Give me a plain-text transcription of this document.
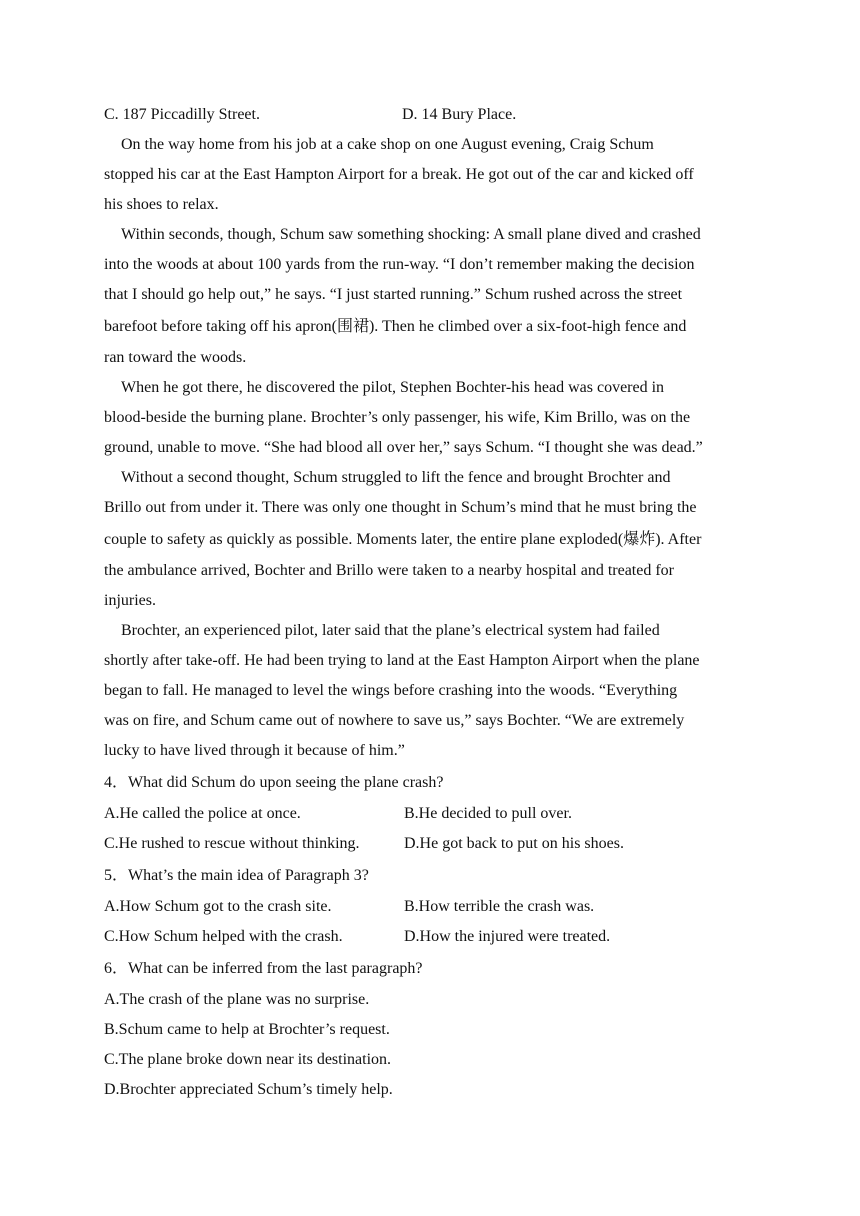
C. 187 Piccadilly Street.	D. 14 Bury Place.
On the way home from his job at a cake shop on one August evening, Craig Schum
stopped his car at the East Hampton Airport for a break. He got out of the car and kicked off
his shoes to relax.
Within seconds, though, Schum saw something shocking: A small plane dived and crashed
into the woods at about 100 yards from the run-way. “I don’t remember making the decision
that I should go help out,” he says. “I just started running.” Schum rushed across the street
barefoot before taking off his apron(围裙). Then he climbed over a six-foot-high fence and
ran toward the woods.
When he got there, he discovered the pilot, Stephen Bochter-his head was covered in
blood-beside the burning plane. Brochter’s only passenger, his wife, Kim Brillo, was on the
ground, unable to move. “She had blood all over her,” says Schum. “I thought she was dead.”
Without a second thought, Schum struggled to lift the fence and brought Brochter and
Brillo out from under it. There was only one thought in Schum’s mind that he must bring the
couple to safety as quickly as possible. Moments later, the entire plane exploded(爆炸). After
the ambulance arrived, Bochter and Brillo were taken to a nearby hospital and treated for
injuries.
Brochter, an experienced pilot, later said that the plane’s electrical system had failed
shortly after take-off. He had been trying to land at the East Hampton Airport when the plane
began to fall. He managed to level the wings before crashing into the woods. “Everything
was on fire, and Schum came out of nowhere to save us,” says Bochter. “We are extremely
lucky to have lived through it because of him.”
4．What did Schum do upon seeing the plane crash?
A.He called the police at once.	B.He decided to pull over.
C.He rushed to rescue without thinking.	D.He got back to put on his shoes.
5．What’s the main idea of Paragraph 3?
A.How Schum got to the crash site.	B.How terrible the crash was.
C.How Schum helped with the crash.	D.How the injured were treated.
6．What can be inferred from the last paragraph?
A.The crash of the plane was no surprise.
B.Schum came to help at Brochter’s request.
C.The plane broke down near its destination.
D.Brochter appreciated Schum’s timely help.
